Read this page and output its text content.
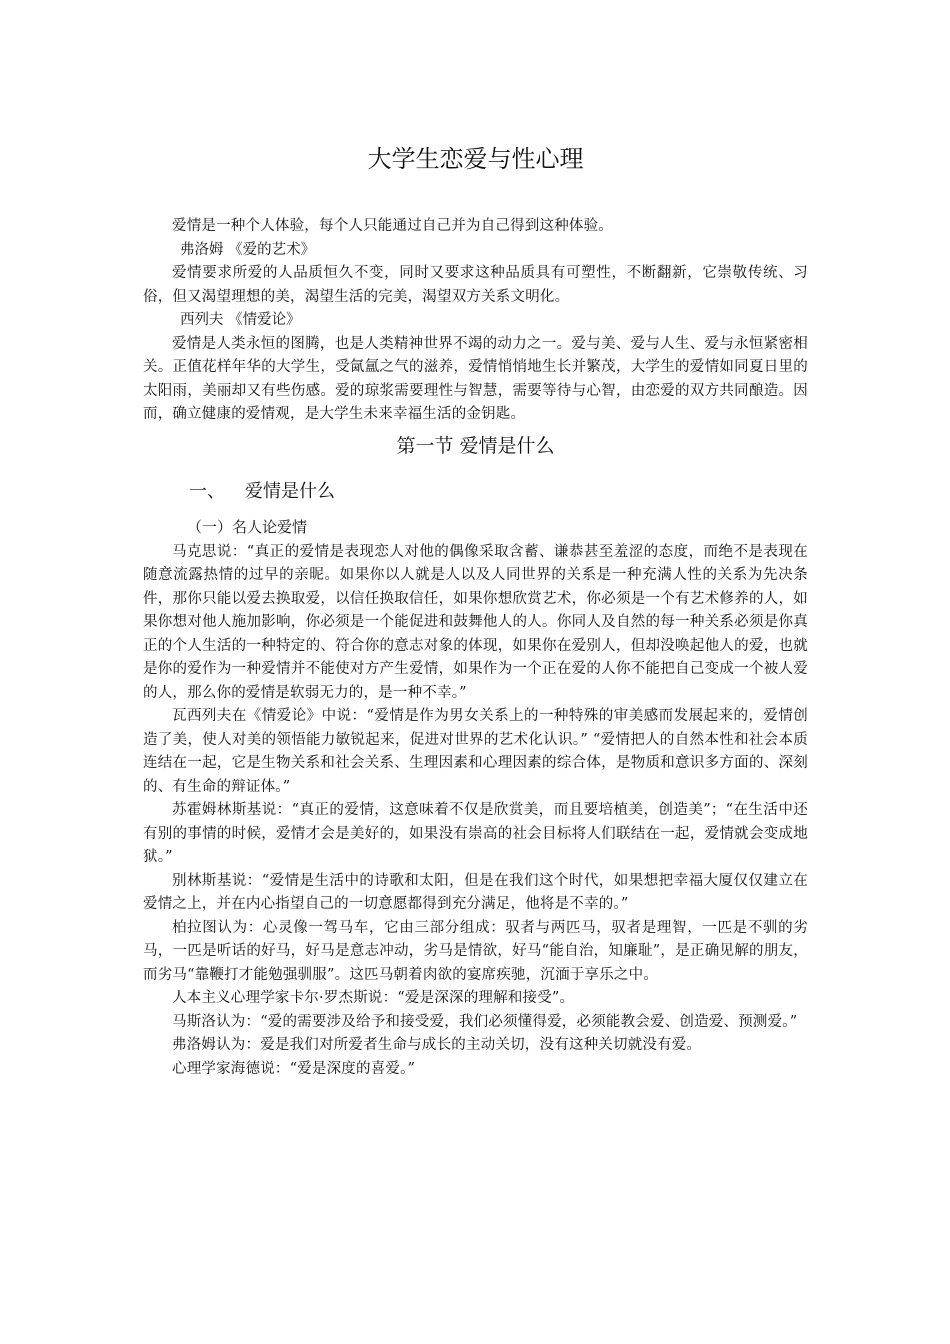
大学生恋爱与性心理

爱情是一种个人体验，每个人只能通过自己并为自己得到这种体验。

弗洛姆 《爱的艺术》

爱情要求所爱的人品质恒久不变，同时又要求这种品质具有可塑性，不断翻新，它崇敬传统、习俗，但又渴望理想的美，渴望生活的完美，渴望双方关系文明化。

西列夫 《情爱论》

爱情是人类永恒的图腾，也是人类精神世界不竭的动力之一。爱与美、爱与人生、爱与永恒紧密相关。正值花样年华的大学生，受氤氲之气的滋养，爱情悄悄地生长并繁茂，大学生的爱情如同夏日里的太阳雨，美丽却又有些伤感。爱的琼浆需要理性与智慧，需要等待与心智，由恋爱的双方共同酿造。因而，确立健康的爱情观，是大学生未来幸福生活的金钥匙。

第一节 爱情是什么
一、 爱情是什么
（一）名人论爱情

马克思说：“真正的爱情是表现恋人对他的偶像采取含蓄、谦恭甚至羞涩的态度，而绝不是表现在随意流露热情的过早的亲昵。如果你以人就是人以及人同世界的关系是一种充满人性的关系为先决条件，那你只能以爱去换取爱，以信任换取信任，如果你想欣赏艺术，你必须是一个有艺术修养的人，如果你想对他人施加影响，你必须是一个能促进和鼓舞他人的人。你同人及自然的每一种关系必须是你真正的个人生活的一种特定的、符合你的意志对象的体现，如果你在爱别人，但却没唤起他人的爱，也就是你的爱作为一种爱情并不能使对方产生爱情，如果作为一个正在爱的人你不能把自己变成一个被人爱的人，那么你的爱情是软弱无力的，是一种不幸。”

瓦西列夫在《情爱论》中说：“爱情是作为男女关系上的一种特殊的审美感而发展起来的，爱情创造了美，使人对美的领悟能力敏锐起来，促进对世界的艺术化认识。” “爱情把人的自然本性和社会本质连结在一起，它是生物关系和社会关系、生理因素和心理因素的综合体，是物质和意识多方面的、深刻的、有生命的辩证体。”

苏霍姆林斯基说：“真正的爱情，这意味着不仅是欣赏美，而且要培植美，创造美”；“在生活中还有别的事情的时候，爱情才会是美好的，如果没有崇高的社会目标将人们联结在一起，爱情就会变成地狱。”

别林斯基说：“爱情是生活中的诗歌和太阳，但是在我们这个时代，如果想把幸福大厦仅仅建立在爱情之上，并在内心指望自己的一切意愿都得到充分满足，他将是不幸的。”

柏拉图认为：心灵像一驾马车，它由三部分组成：驭者与两匹马，驭者是理智，一匹是不驯的劣马，一匹是听话的好马，好马是意志冲动，劣马是情欲，好马“能自治，知廉耻”，是正确见解的朋友，而劣马“靠鞭打才能勉强驯服”。这匹马朝着肉欲的宴席疾驰，沉湎于享乐之中。

人本主义心理学家卡尔·罗杰斯说：“爱是深深的理解和接受”。

马斯洛认为：“爱的需要涉及给予和接受爱，我们必须懂得爱，必须能教会爱、创造爱、预测爱。”

弗洛姆认为：爱是我们对所爱者生命与成长的主动关切，没有这种关切就没有爱。

心理学家海德说：“爱是深度的喜爱。”
